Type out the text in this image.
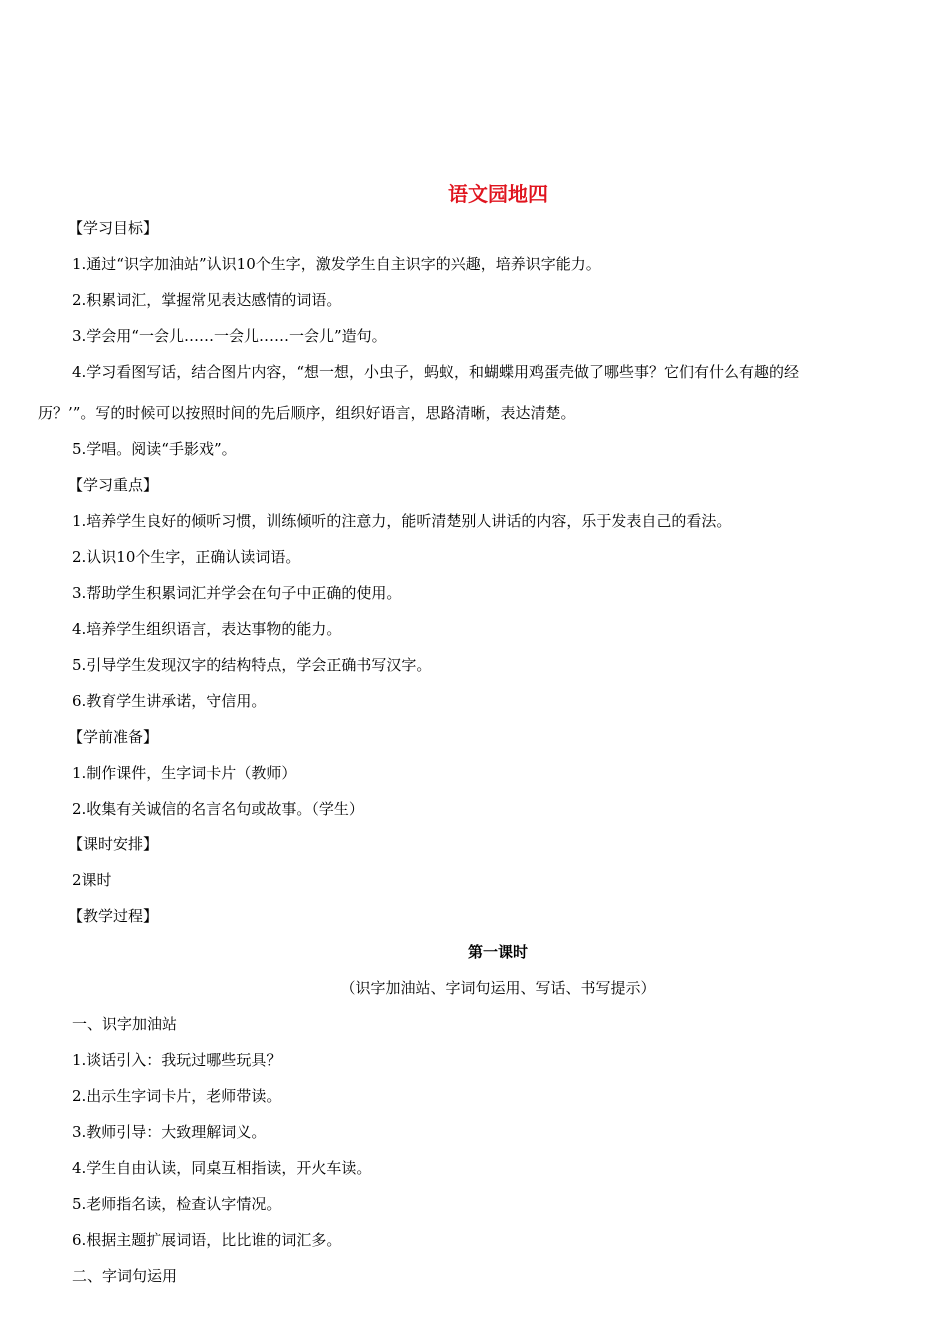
语文园地四
【学习目标】
1.通过“识字加油站”认识10个生字，激发学生自主识字的兴趣，培养识字能力。
2.积累词汇，掌握常见表达感情的词语。
3.学会用“一会儿……一会儿……一会儿”造句。
4.学习看图写话，结合图片内容，“想一想，小虫子，蚂蚁，和蝴蝶用鸡蛋壳做了哪些事？它们有什么有趣的经
历？’”。写的时候可以按照时间的先后顺序，组织好语言，思路清晰，表达清楚。
5.学唱。阅读“手影戏”。
【学习重点】
1.培养学生良好的倾听习惯，训练倾听的注意力，能听清楚别人讲话的内容，乐于发表自己的看法。
2.认识10个生字，正确认读词语。
3.帮助学生积累词汇并学会在句子中正确的使用。
4.培养学生组织语言，表达事物的能力。
5.引导学生发现汉字的结构特点，学会正确书写汉字。
6.教育学生讲承诺，守信用。
【学前准备】
1.制作课件，生字词卡片（教师）
2.收集有关诚信的名言名句或故事。（学生）
【课时安排】
2课时
【教学过程】
第一课时
（识字加油站、字词句运用、写话、书写提示）
一、识字加油站
1.谈话引入：我玩过哪些玩具？
2.出示生字词卡片，老师带读。
3.教师引导：大致理解词义。
4.学生自由认读，同桌互相指读，开火车读。
5.老师指名读，检查认字情况。
6.根据主题扩展词语，比比谁的词汇多。
二、字词句运用
